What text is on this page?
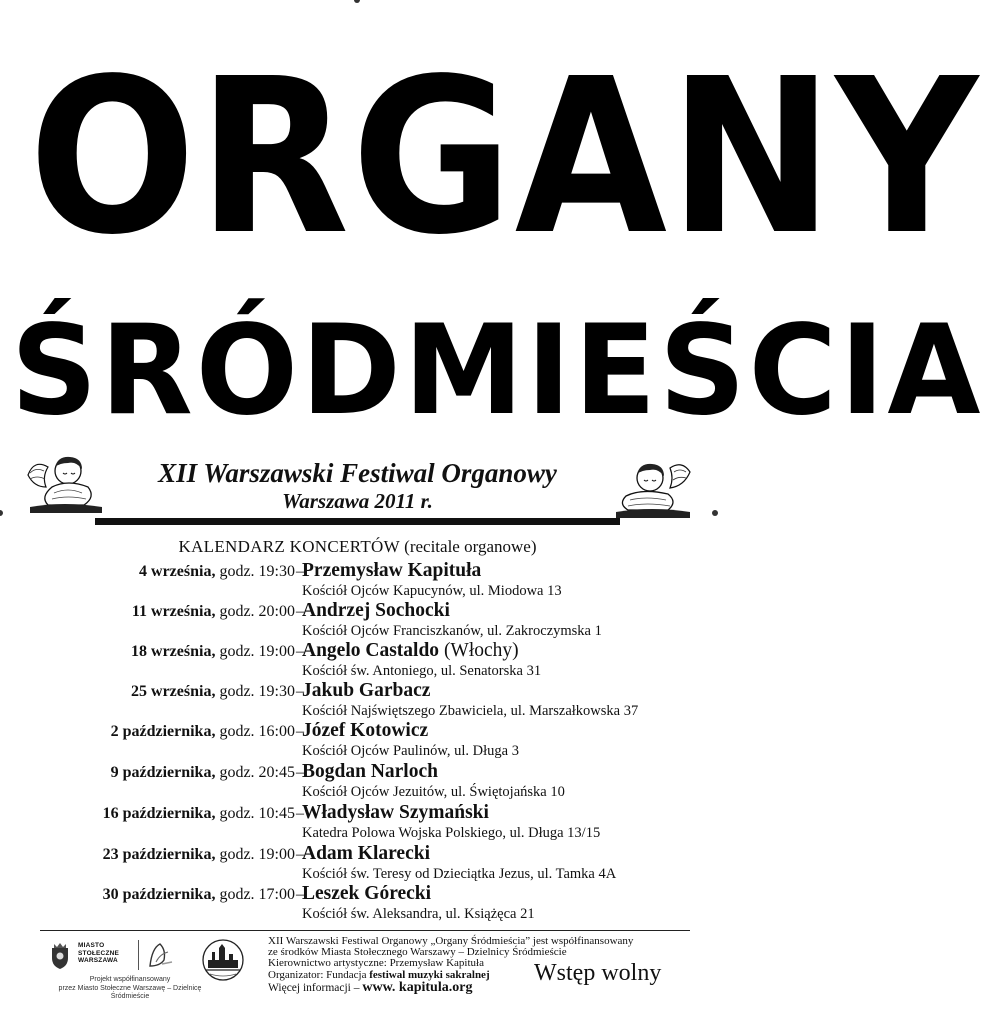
ORGANY
ŚRÓDMIEŚCIA
XII Warszawski Festiwal Organowy
Warszawa 2011 r.
KALENDARZ KONCERTÓW (recitale organowe)
4 września, godz. 19:30 –
Przemysław Kapituła
Kościół Ojców Kapucynów, ul. Miodowa 13
11 września, godz. 20:00 –
Andrzej Sochocki
Kościół Ojców Franciszkanów, ul. Zakroczymska 1
18 września, godz. 19:00 –
Angelo Castaldo (Włochy)
Kościół św. Antoniego, ul. Senatorska 31
25 września, godz. 19:30 –
Jakub Garbacz
Kościół Najświętszego Zbawiciela, ul. Marszałkowska 37
2 października, godz. 16:00 –
Józef Kotowicz
Kościół Ojców Paulinów, ul. Długa 3
9 października, godz. 20:45 –
Bogdan Narloch
Kościół Ojców Jezuitów, ul. Świętojańska 10
16 października, godz. 10:45 –
Władysław Szymański
Katedra Polowa Wojska Polskiego, ul. Długa 13/15
23 października, godz. 19:00 –
Adam Klarecki
Kościół św. Teresy od Dzieciątka Jezus, ul. Tamka 4A
30 października, godz. 17:00 –
Leszek Górecki
Kościół św. Aleksandra, ul. Książęca 21
MIASTO
STOŁECZNE
WARSZAWA
Projekt współfinansowany
przez Miasto Stołeczne Warszawę – Dzielnicę Śródmieście
XII Warszawski Festiwal Organowy „Organy Śródmieścia” jest współfinansowany
ze środków Miasta Stołecznego Warszawy – Dzielnicy Śródmieście
Kierownictwo artystyczne: Przemysław Kapituła
Organizator: Fundacja festiwal muzyki sakralnej
Więcej informacji – www. kapitula.org
Wstęp wolny
